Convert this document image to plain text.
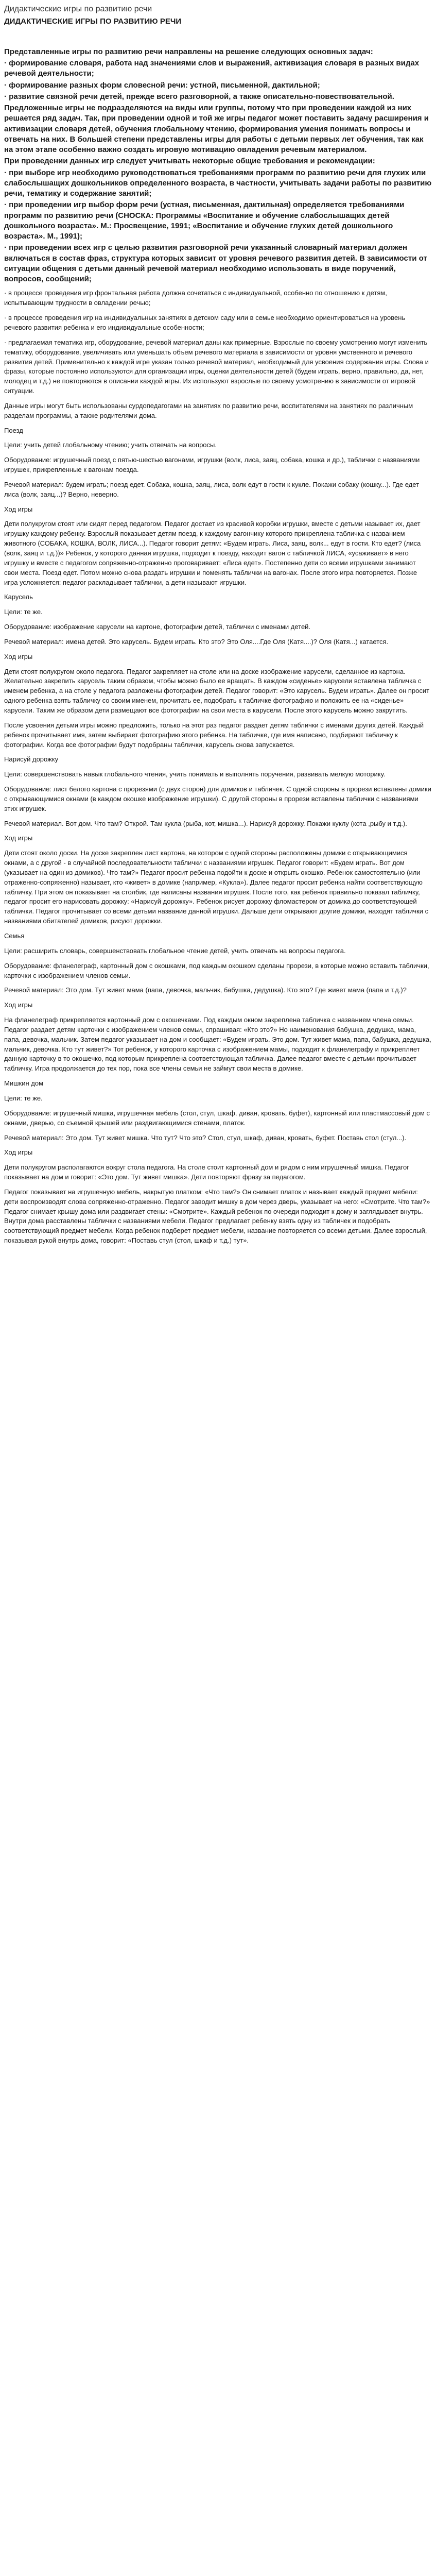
Дидактические игры по развитию речи
ДИДАКТИЧЕСКИЕ ИГРЫ ПО РАЗВИТИЮ РЕЧИ

Представленные игры по развитию речи направлены на решение следующих основных задач:

· формирование словаря, работа над значениями слов и выражений, активизация словаря в разных видах речевой деятельности;

· формирование разных форм словесной речи: устной, письменной, дактильной;

· развитие связной речи детей, прежде всего разговорной, а также описательно-повествовательной.

Предложенные игры не подразделяются на виды или группы, потому что при проведении каждой из них решается ряд задач. Так, при проведении одной и той же игры педагог может поставить задачу расширения и активизации словаря детей, обучения глобальному чтению, формирования умения понимать вопросы и отвечать на них. В большей степени представлены игры для работы с детьми первых лет обучения, так как на этом этапе особенно важно создать игровую мотивацию овладения речевым материалом.

При проведении данных игр следует учитывать некоторые общие требования и рекомендации:

· при выборе игр необходимо руководствоваться требованиями программ по развитию речи для глухих или слабослышащих дошкольников определенного возраста, в частности, учитывать задачи работы по развитию речи, тематику и содержание занятий;

· при проведении игр выбор форм речи (устная, письменная, дактильная) определяется требованиями программ по развитию речи (СНОСКА: Программы «Воспитание и обучение слабослышащих детей дошкольного возраста». М.: Просвещение, 1991; «Воспитание и обучение глухих детей дошкольного возраста». М., 1991);

· при проведении всех игр с целью развития разговорной речи указанный словарный материал должен включаться в состав фраз, структура которых зависит от уровня речевого развития детей. В зависимости от ситуации общения с детьми данный речевой материал необходимо использовать в виде поручений, вопросов, сообщений;

· в процессе проведения игр фронтальная работа должна сочетаться с индивидуальной, особенно по отношению к детям, испытывающим трудности в овладении речью;

· в процессе проведения игр на индивидуальных занятиях в детском саду или в семье необходимо ориентироваться на уровень речевого развития ребенка и его индивидуальные особенности;

· предлагаемая тематика игр, оборудование, речевой материал даны как примерные. Взрослые по своему усмотрению могут изменить тематику, оборудование, увеличивать или уменьшать объем речевого материала в зависимости от уровня умственного и речевого развития детей. Применительно к каждой игре указан только речевой материал, необходимый для усвоения содержания игры. Слова и фразы, которые постоянно используются для организации игры, оценки деятельности детей (будем играть, верно, правильно, да, нет, молодец и т.д.) не повторяются в описании каждой игры. Их используют взрослые по своему усмотрению в зависимости от игровой ситуации.

Данные игры могут быть использованы сурдопедагогами на занятиях по развитию речи, воспитателями на занятиях по различным разделам программы, а также родителями дома.

Поезд

Цели: учить детей глобальному чтению; учить отвечать на вопросы.

Оборудование: игрушечный поезд с пятью-шестью вагонами, игрушки (волк, лиса, заяц, собака, кошка и др.), таблички с названиями игрушек, прикрепленные к вагонам поезда.

Речевой материал: будем играть; поезд едет. Собака, кошка, заяц, лиса, волк едут в гости к кукле. Покажи собаку (кошку...). Где едет лиса (волк, заяц...)? Верно, неверно.

Ход игры

Дети полукругом стоят или сидят перед педагогом. Педагог достает из красивой коробки игрушки, вместе с детьми называет их, дает игрушку каждому ребенку. Взрослый показывает детям поезд, к каждому вагончику которого прикреплена табличка с названием животного (СОБАКА, КОШКА, ВОЛК, ЛИСА...). Педагог говорит детям: «Будем играть. Лиса, заяц, волк... едут в гости. Кто едет? (лиса (волк, заяц и т.д.))» Ребенок, у которого данная игрушка, подходит к поезду, находит вагон с табличкой ЛИСА, «усаживает» в него игрушку и вместе с педагогом сопряженно-отраженно проговаривает: «Лиса едет». Постепенно дети со всеми игрушками занимают свои места. Поезд едет. Потом можно снова раздать игрушки и поменять таблички на вагонах. После этого игра повторяется. Позже игра усложняется: педагог раскладывает таблички, а дети называют игрушки.

Карусель

Цели: те же.

Оборудование: изображение карусели на картоне, фотографии детей, таблички с именами детей.

Речевой материал: имена детей. Это карусель. Будем играть. Кто это? Это Оля....Где Оля (Катя....)? Оля (Катя...) катается.

Ход игры

Дети стоят полукругом около педагога. Педагог закрепляет на столе или на доске изображение карусели, сделанное из картона. Желательно закрепить карусель таким образом, чтобы можно было ее вращать. В каждом «сиденье» карусели вставлена табличка с именем ребенка, а на столе у педагога разложены фотографии детей. Педагог говорит: «Это карусель. Будем играть». Далее он просит одного ребенка взять табличку со своим именем, прочитать ее, подобрать к табличке фотографию и положить ее на «сиденье» карусели. Таким же образом дети размещают все фотографии на свои места в карусели. После этого карусель можно закрутить.

После усвоения детьми игры можно предложить, только на этот раз педагог раздает детям таблички с именами других детей. Каждый ребенок прочитывает имя, затем выбирает фотографию этого ребенка. На табличке, где имя написано, подбирают табличку к фотографии. Когда все фотографии будут подобраны таблички, карусель снова запускается.

Нарисуй дорожку

Цели: совершенствовать навык глобального чтения, учить понимать и выполнять поручения, развивать мелкую моторику.

Оборудование: лист белого картона с прорезями (с двух сторон) для домиков и табличек. С одной стороны в прорези вставлены домики с открывающимися окнами (в каждом окошке изображение игрушки). С другой стороны в прорези вставлены таблички с названиями этих игрушек.

Речевой материал. Вот дом. Что там? Открой. Там кукла (рыба, кот, мишка...). Нарисуй дорожку. Покажи куклу (кота ,рыбу и т.д.).

Ход игры

Дети стоят около доски. На доске закреплен лист картона, на котором с одной стороны расположены домики с открывающимися окнами, а с другой - в случайной последовательности таблички с названиями игрушек. Педагог говорит: «Будем играть. Вот дом (указывает на один из домиков). Что там?» Педагог просит ребенка подойти к доске и открыть окошко. Ребенок самостоятельно (или отраженно-сопряженно) называет, кто «живет» в домике (например, «Кукла»). Далее педагог просит ребенка найти соответствующую табличку. При этом он показывает на столбик, где написаны названия игрушек. После того, как ребенок правильно показал табличку, педагог просит его нарисовать дорожку: «Нарисуй дорожку». Ребенок рисует дорожку фломастером от домика до соответствующей таблички. Педагог прочитывает со всеми детьми название данной игрушки. Дальше дети открывают другие домики, находят таблички с названиями обитателей домиков, рисуют дорожки.

Семья

Цели: расширить словарь, совершенствовать глобальное чтение детей, учить отвечать на вопросы педагога.

Оборудование: фланелеграф, картонный дом с окошками, под каждым окошком сделаны прорези, в которые можно вставить таблички, карточки с изображением членов семьи.

Речевой материал: Это дом. Тут живет мама (папа, девочка, мальчик, бабушка, дедушка). Кто это? Где живет мама (папа и т.д.)?

Ход игры

На фланелеграф прикрепляется картонный дом с окошечками. Под каждым окном закреплена табличка с названием члена семьи. Педагог раздает детям карточки с изображением членов семьи, спрашивая: «Кто это?» Но наименования бабушка, дедушка, мама, папа, девочка, мальчик. Затем педагог указывает на дом и сообщает: «Будем играть. Это дом. Тут живет мама, папа, бабушка, дедушка, мальчик, девочка. Кто тут живет?» Тот ребенок, у которого карточка с изображением мамы, подходит к фланелеграфу и прикрепляет данную карточку в то окошечко, под которым прикреплена соответствующая табличка. Далее педагог вместе с детьми прочитывает табличку. Игра продолжается до тех пор, пока все члены семьи не займут свои места в домике.

Мишкин дом

Цели: те же.

Оборудование: игрушечный мишка, игрушечная мебель (стол, стул, шкаф, диван, кровать, буфет), картонный или пластмассовый дом с окнами, дверью, со съемной крышей или раздвигающимися стенами, платок.

Речевой материал: Это дом. Тут живет мишка. Что тут? Что это? Стол, стул, шкаф, диван, кровать, буфет. Поставь стол (стул...).

Ход игры

Дети полукругом располагаются вокруг стола педагога. На столе стоит картонный дом и рядом с ним игрушечный мишка. Педагог показывает на дом и говорит: «Это дом. Тут живет мишка». Дети повторяют фразу за педагогом.

Педагог показывает на игрушечную мебель, накрытую платком: «Что там?» Он снимает платок и называет каждый предмет мебели: дети воспроизводят слова сопряженно-отраженно. Педагог заводит мишку в дом через дверь, указывает на него: «Смотрите. Что там?» Педагог снимает крышу дома или раздвигает стены: «Смотрите». Каждый ребенок по очереди подходит к дому и заглядывает внутрь. Внутри дома расставлены таблички с названиями мебели. Педагог предлагает ребенку взять одну из табличек и подобрать соответствующий предмет мебели. Когда ребенок подберет предмет мебели, название повторяется со всеми детьми. Далее взрослый, показывая рукой внутрь дома, говорит: «Поставь стул (стол, шкаф и т.д.) тут».
